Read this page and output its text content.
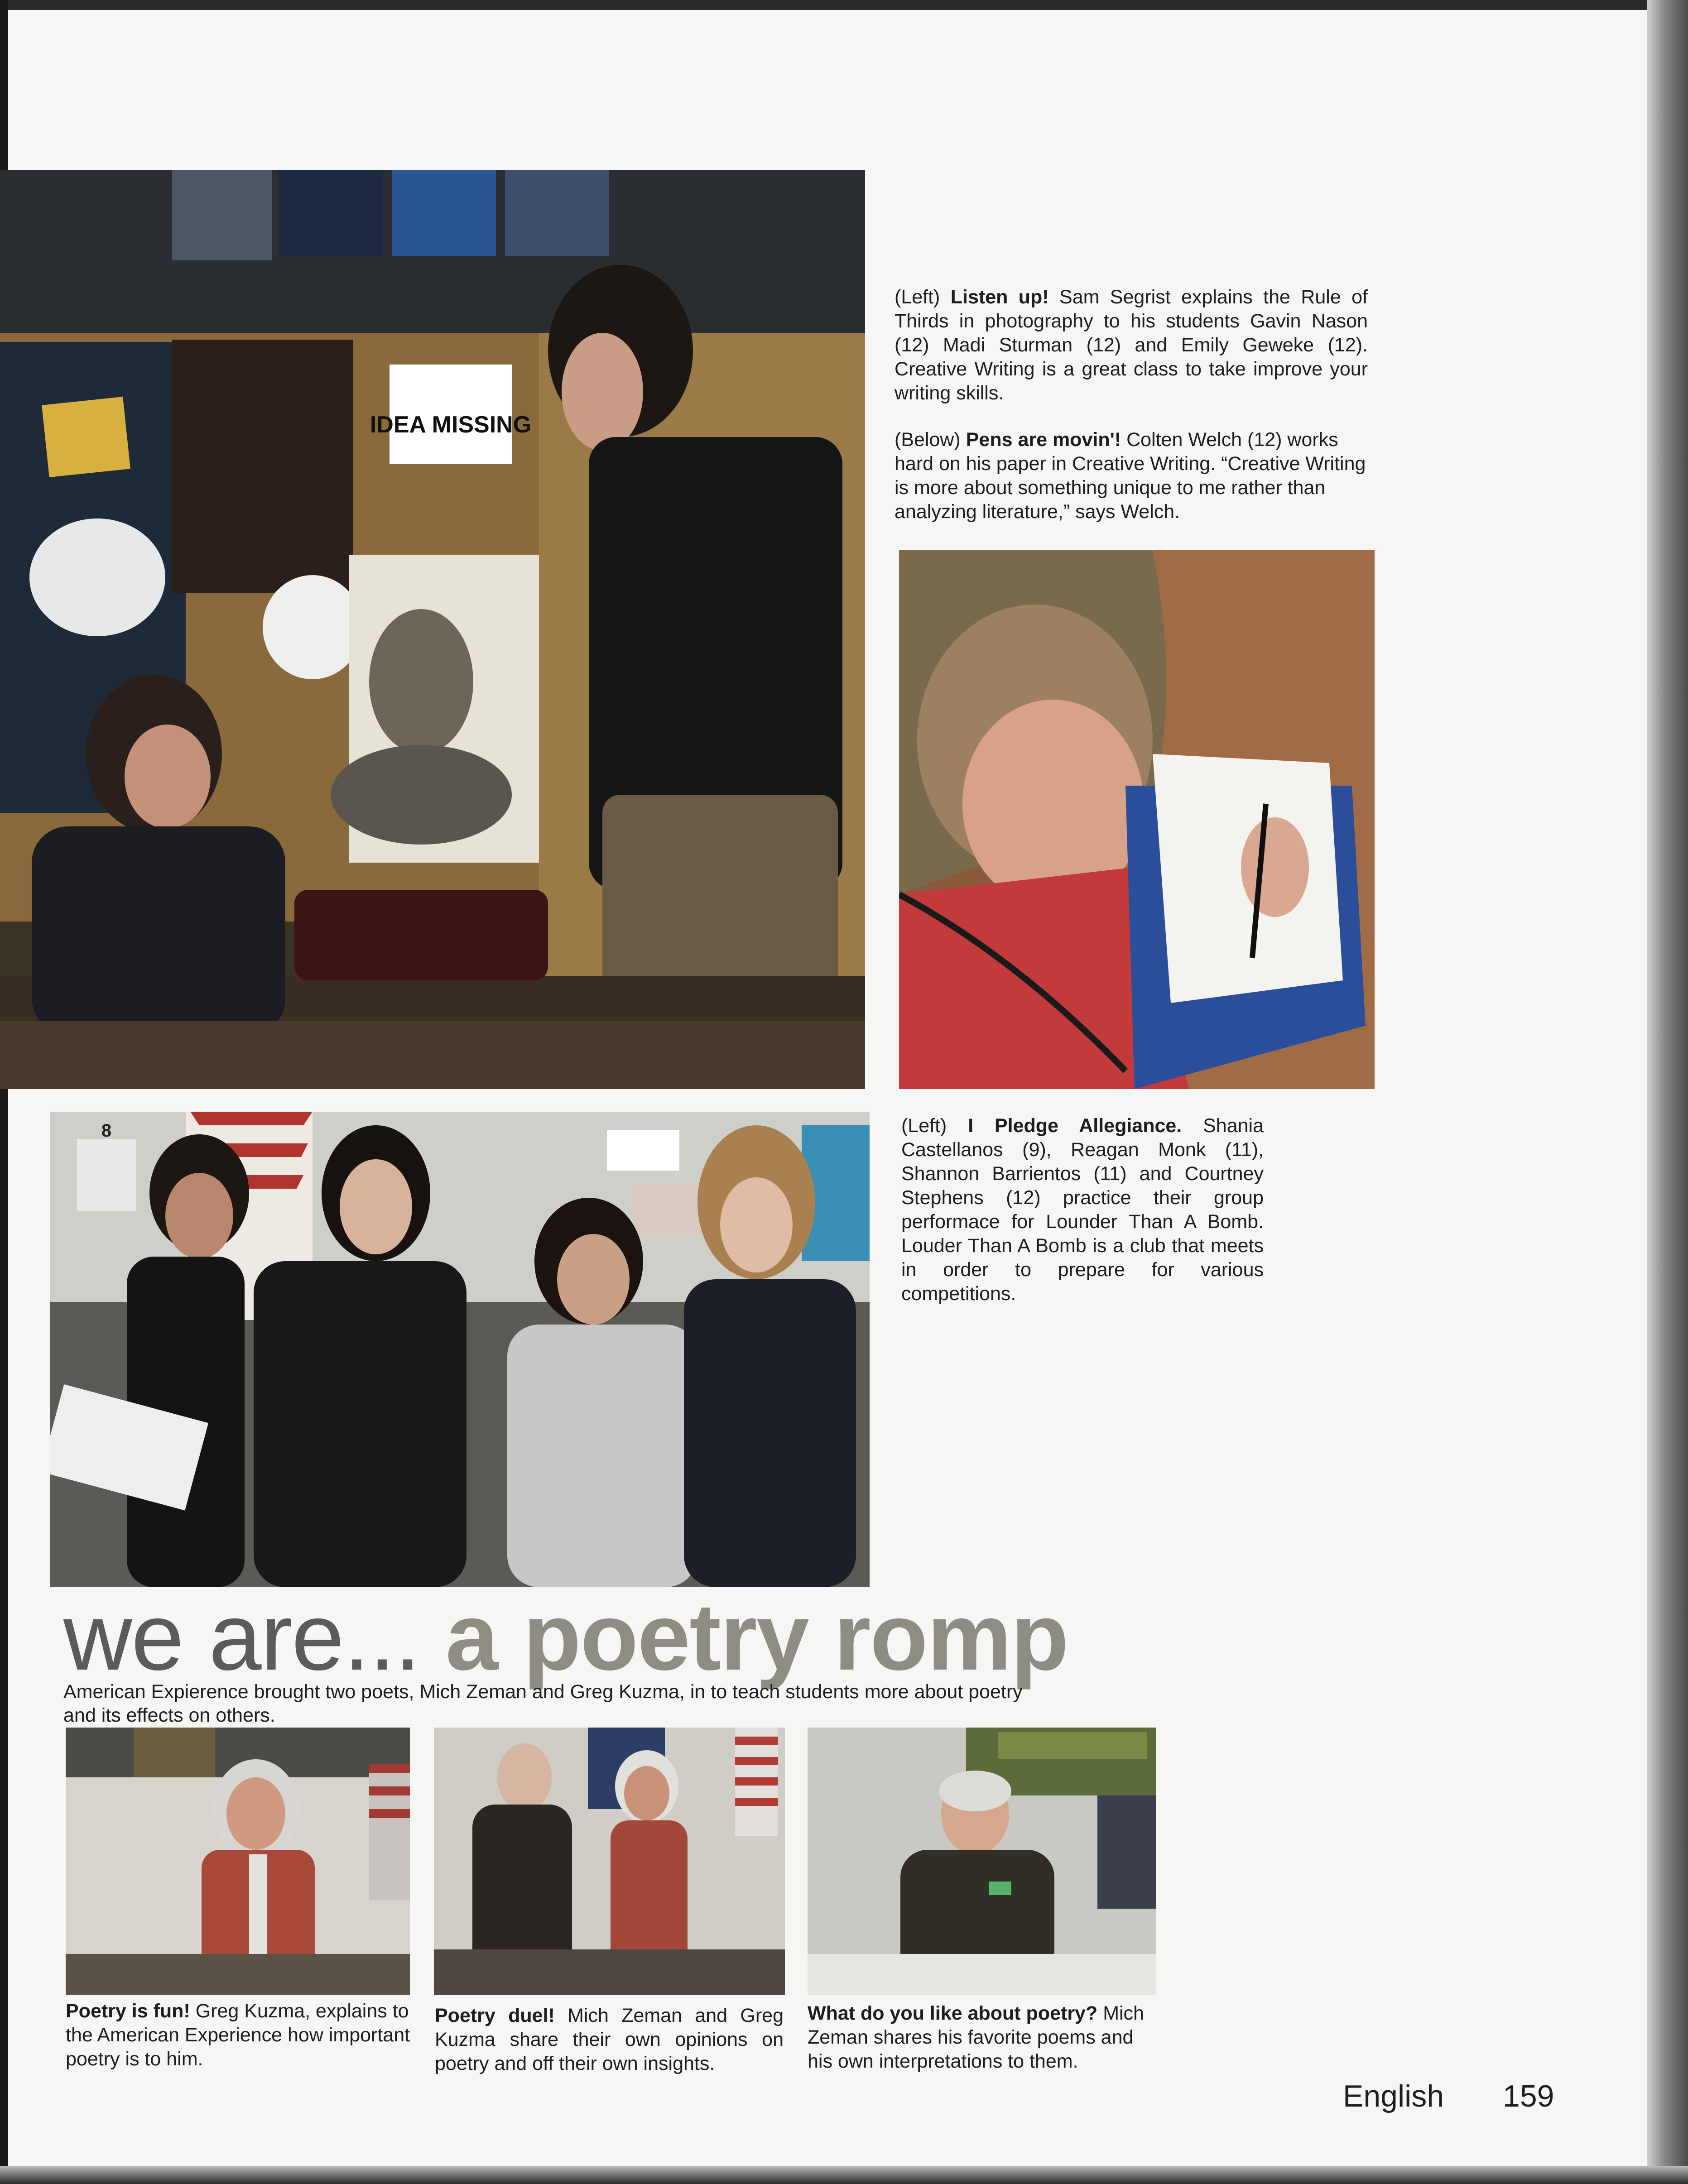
IDEA MISSING

(Left) Listen up! Sam Segrist explains the Rule of Thirds in photography to his students Gavin Nason (12) Madi Sturman (12) and Emily Geweke (12). Creative Writing is a great class to take improve your writing skills.

(Below) Pens are movin'! Colten Welch (12) works hard on his paper in Creative Writing. “Creative Writing is more about something unique to me rather than analyzing literature,” says Welch.

8	(Left) I Pledge Allegiance. Shania Castellanos (9), Reagan Monk (11), Shannon Barrientos (11) and Courtney Stephens (12) practice their group performace for Lounder Than A Bomb. Louder Than A Bomb is a club that meets in order to prepare for various competitions.

we are... a poetry romp

American Expierence brought two poets, Mich Zeman and Greg Kuzma, in to teach students more about poetry and its effects on others.

Poetry is fun! Greg Kuzma, explains to the American Experience how important poetry is to him.

Poetry duel! Mich Zeman and Greg Kuzma share their own opinions on poetry and off their own insights.

What do you like about poetry? Mich Zeman shares his favorite poems and his own interpretations to them.

English 159
